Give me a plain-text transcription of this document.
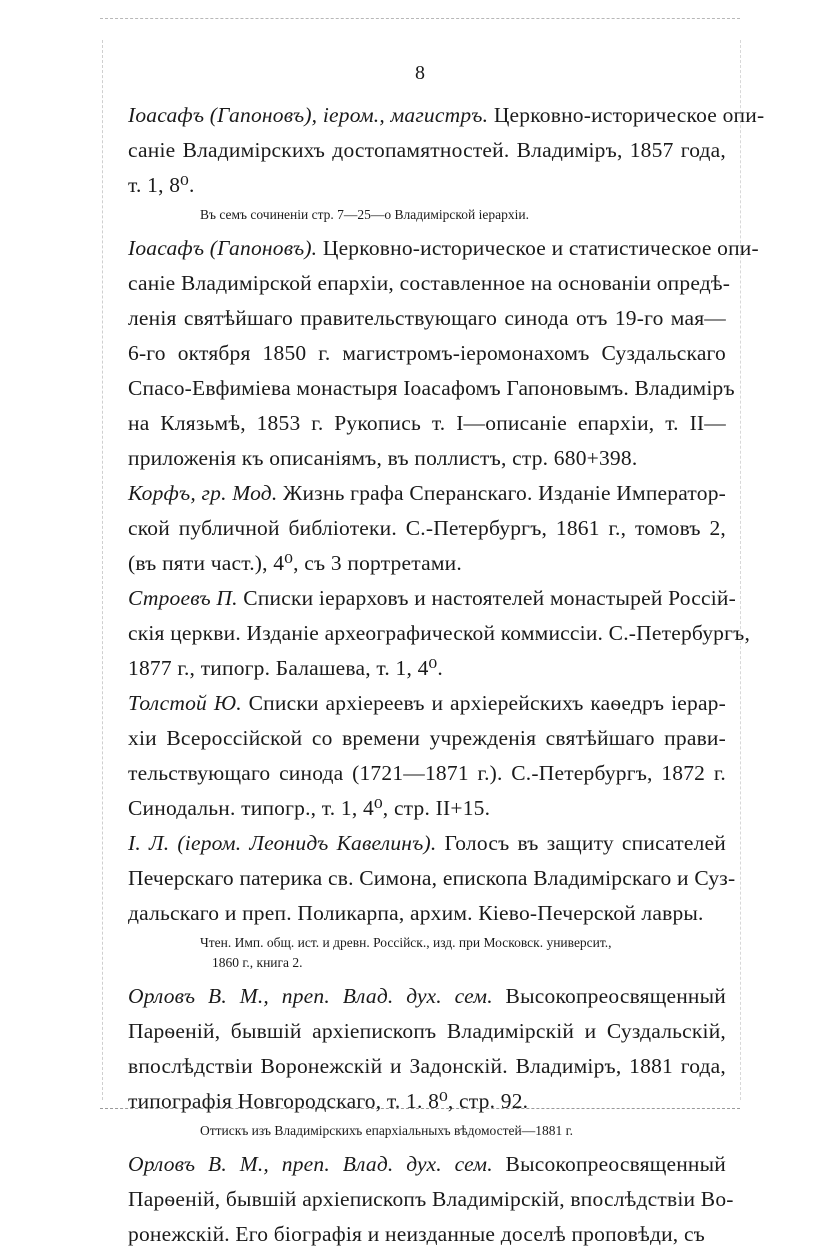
8
Іоасафъ (Гапоновъ), іером., магистръ. Церковно-историческое опи-
саніе Владимірскихъ достопамятностей. Владиміръ, 1857 года,
т. 1, 8⁰.
Въ семъ сочиненіи стр. 7—25—о Владимірской іерархіи.
Іоасафъ (Гапоновъ). Церковно-историческое и статистическое опи-
саніе Владимірской епархіи, составленное на основаніи опредѣ-
ленія святѣйшаго правительствующаго синода отъ 19-го мая—
6-го октября 1850 г. магистромъ-іеромонахомъ Суздальскаго
Спасо-Евфиміева монастыря Іоасафомъ Гапоновымъ. Владиміръ
на Клязьмѣ, 1853 г. Рукопись т. I—описаніе епархіи, т. II—
приложенія къ описаніямъ, въ поллистъ, стр. 680+398.
Корфъ, гр. Мод. Жизнь графа Сперанскаго. Изданіе Император-
ской публичной библіотеки. С.-Петербургъ, 1861 г., томовъ 2,
(въ пяти част.), 4⁰, съ 3 портретами.
Строевъ П. Списки іерарховъ и настоятелей монастырей Россій-
скія церкви. Изданіе археографической коммиссіи. С.-Петербургъ,
1877 г., типогр. Балашева, т. 1, 4⁰.
Толстой Ю. Списки архіереевъ и архіерейскихъ каѳедръ іерар-
хіи Всероссійской со времени учрежденія святѣйшаго прави-
тельствующаго синода (1721—1871 г.). С.-Петербургъ, 1872 г.
Синодальн. типогр., т. 1, 4⁰, стр. II+15.
І. Л. (іером. Леонидъ Кавелинъ). Голосъ въ защиту списателей
Печерскаго патерика св. Симона, епископа Владимірскаго и Суз-
дальскаго и преп. Поликарпа, архим. Кіево-Печерской лавры.
Чтен. Имп. общ. ист. и древн. Россійск., изд. при Московск. университ.,
1860 г., книга 2.
Орловъ В. М., преп. Влад. дух. сем. Высокопреосвященный
Парѳеній, бывшій архіепископъ Владимірскій и Суздальскій,
впослѣдствіи Воронежскій и Задонскій. Владиміръ, 1881 года,
типографія Новгородскаго, т. 1. 8⁰, стр. 92.
Оттискъ изъ Владимірскихъ епархіальныхъ вѣдомостей—1881 г.
Орловъ В. М., преп. Влад. дух. сем. Высокопреосвященный
Парѳеній, бывшій архіепископъ Владимірскій, впослѣдствіи Во-
ронежскій. Его біографія и неизданные доселѣ проповѣди, съ
